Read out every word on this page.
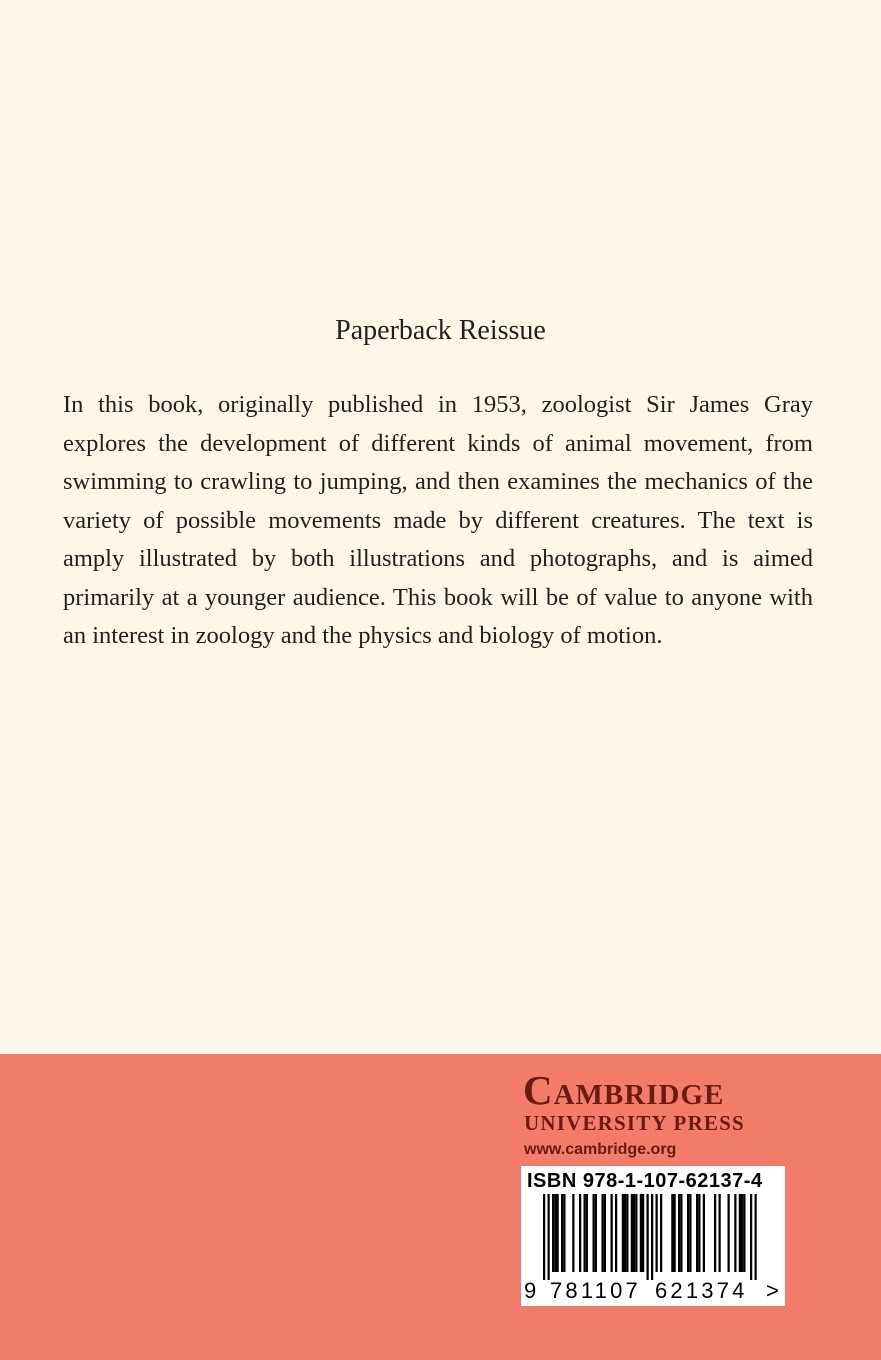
Paperback Reissue

In this book, originally published in 1953, zoologist Sir James Gray explores the development of different kinds of animal movement, from swimming to crawling to jumping, and then examines the mechanics of the variety of possible movements made by different creatures. The text is amply illustrated by both illustrations and photographs, and is aimed primarily at a younger audience. This book will be of value to anyone with an interest in zoology and the physics and biology of motion.

Cambridge
UNIVERSITY PRESS
www.cambridge.org
ISBN 978-1-107-62137-4
9 781107 621374 >
